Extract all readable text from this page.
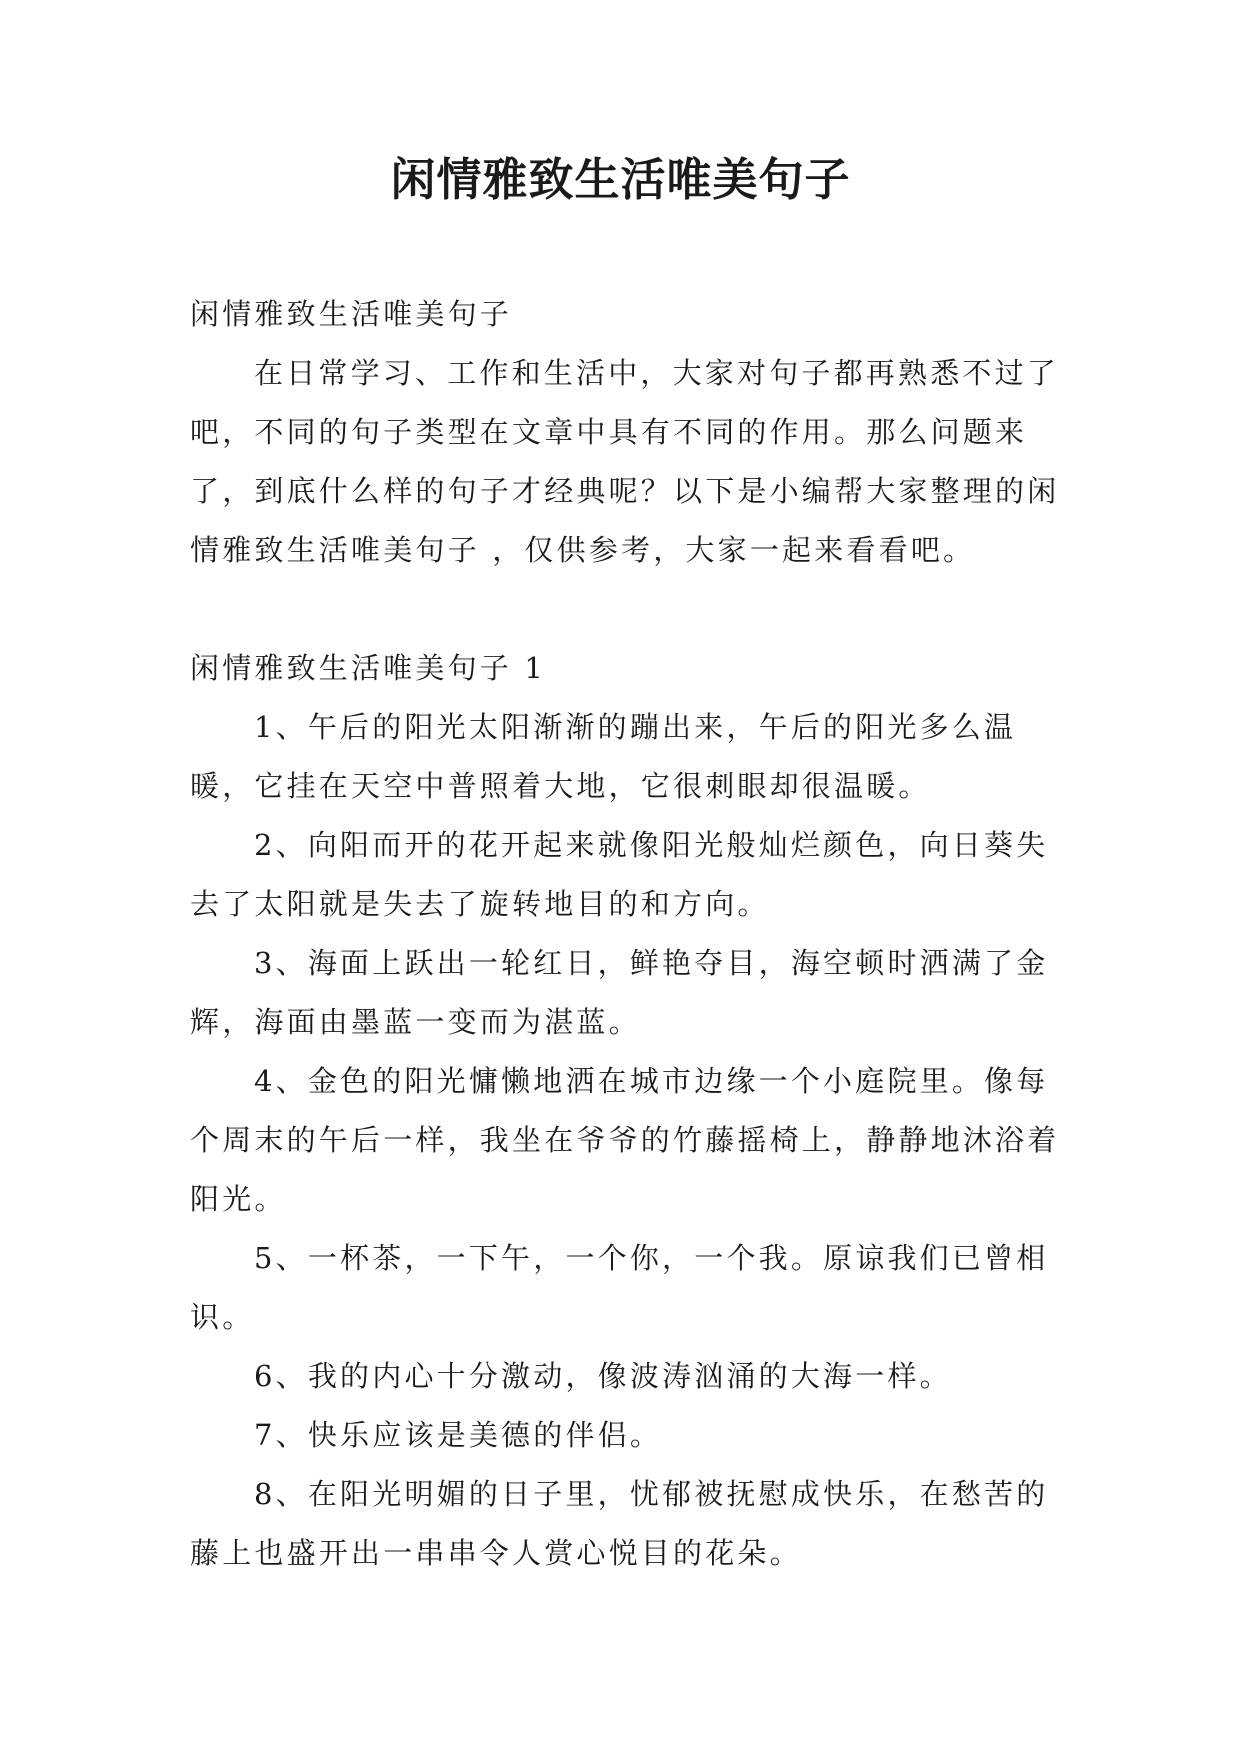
闲情雅致生活唯美句子

闲情雅致生活唯美句子

在日常学习、工作和生活中，大家对句子都再熟悉不过了吧，不同的句子类型在文章中具有不同的作用。那么问题来了，到底什么样的句子才经典呢？以下是小编帮大家整理的闲情雅致生活唯美句子 ，仅供参考，大家一起来看看吧。

闲情雅致生活唯美句子 1

1、午后的阳光太阳渐渐的蹦出来，午后的阳光多么温暖，它挂在天空中普照着大地，它很刺眼却很温暖。

2、向阳而开的花开起来就像阳光般灿烂颜色，向日葵失去了太阳就是失去了旋转地目的和方向。

3、海面上跃出一轮红日，鲜艳夺目，海空顿时洒满了金辉，海面由墨蓝一变而为湛蓝。

4、金色的阳光慵懒地洒在城市边缘一个小庭院里。像每个周末的午后一样，我坐在爷爷的竹藤摇椅上，静静地沐浴着阳光。

5、一杯茶，一下午，一个你，一个我。原谅我们已曾相识。

6、我的内心十分激动，像波涛汹涌的大海一样。

7、快乐应该是美德的伴侣。

8、在阳光明媚的日子里，忧郁被抚慰成快乐，在愁苦的藤上也盛开出一串串令人赏心悦目的花朵。
